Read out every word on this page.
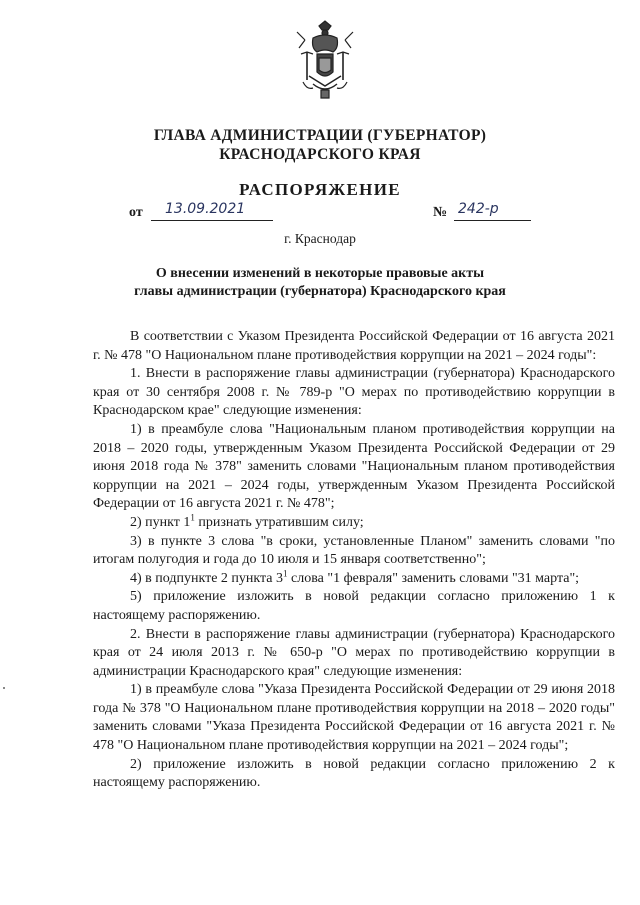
ГЛАВА АДМИНИСТРАЦИИ (ГУБЕРНАТОР)
КРАСНОДАРСКОГО КРАЯ
РАСПОРЯЖЕНИЕ
от 13.09.2021	№ 242-р
г. Краснодар
О внесении изменений в некоторые правовые акты
главы администрации (губернатора) Краснодарского края

В соответствии с Указом Президента Российской Федерации от 16 августа 2021 г. № 478 "О Национальном плане противодействия коррупции на 2021 – 2024 годы":

1. Внести в распоряжение главы администрации (губернатора) Краснодарского края от 30 сентября 2008 г. № 789-р "О мерах по противодействию коррупции в Краснодарском крае" следующие изменения:

1) в преамбуле слова "Национальным планом противодействия коррупции на 2018 – 2020 годы, утвержденным Указом Президента Российской Федерации от 29 июня 2018 года № 378" заменить словами "Национальным планом противодействия коррупции на 2021 – 2024 годы, утвержденным Указом Президента Российской Федерации от 16 августа 2021 г. № 478";

2) пункт $1^1$ признать утратившим силу;

3) в пункте 3 слова "в сроки, установленные Планом" заменить словами "по итогам полугодия и года до 10 июля и 15 января соответственно";

4) в подпункте 2 пункта $3^1$ слова "1 февраля" заменить словами "31 марта";

5) приложение изложить в новой редакции согласно приложению 1 к настоящему распоряжению.

2. Внести в распоряжение главы администрации (губернатора) Краснодарского края от 24 июля 2013 г. № 650-р "О мерах по противодействию коррупции в администрации Краснодарского края" следующие изменения:

1) в преамбуле слова "Указа Президента Российской Федерации от 29 июня 2018 года № 378 "О Национальном плане противодействия коррупции на 2018 – 2020 годы" заменить словами "Указа Президента Российской Федерации от 16 августа 2021 г. № 478 "О Национальном плане противодействия коррупции на 2021 – 2024 годы";

2) приложение изложить в новой редакции согласно приложению 2 к настоящему распоряжению.
